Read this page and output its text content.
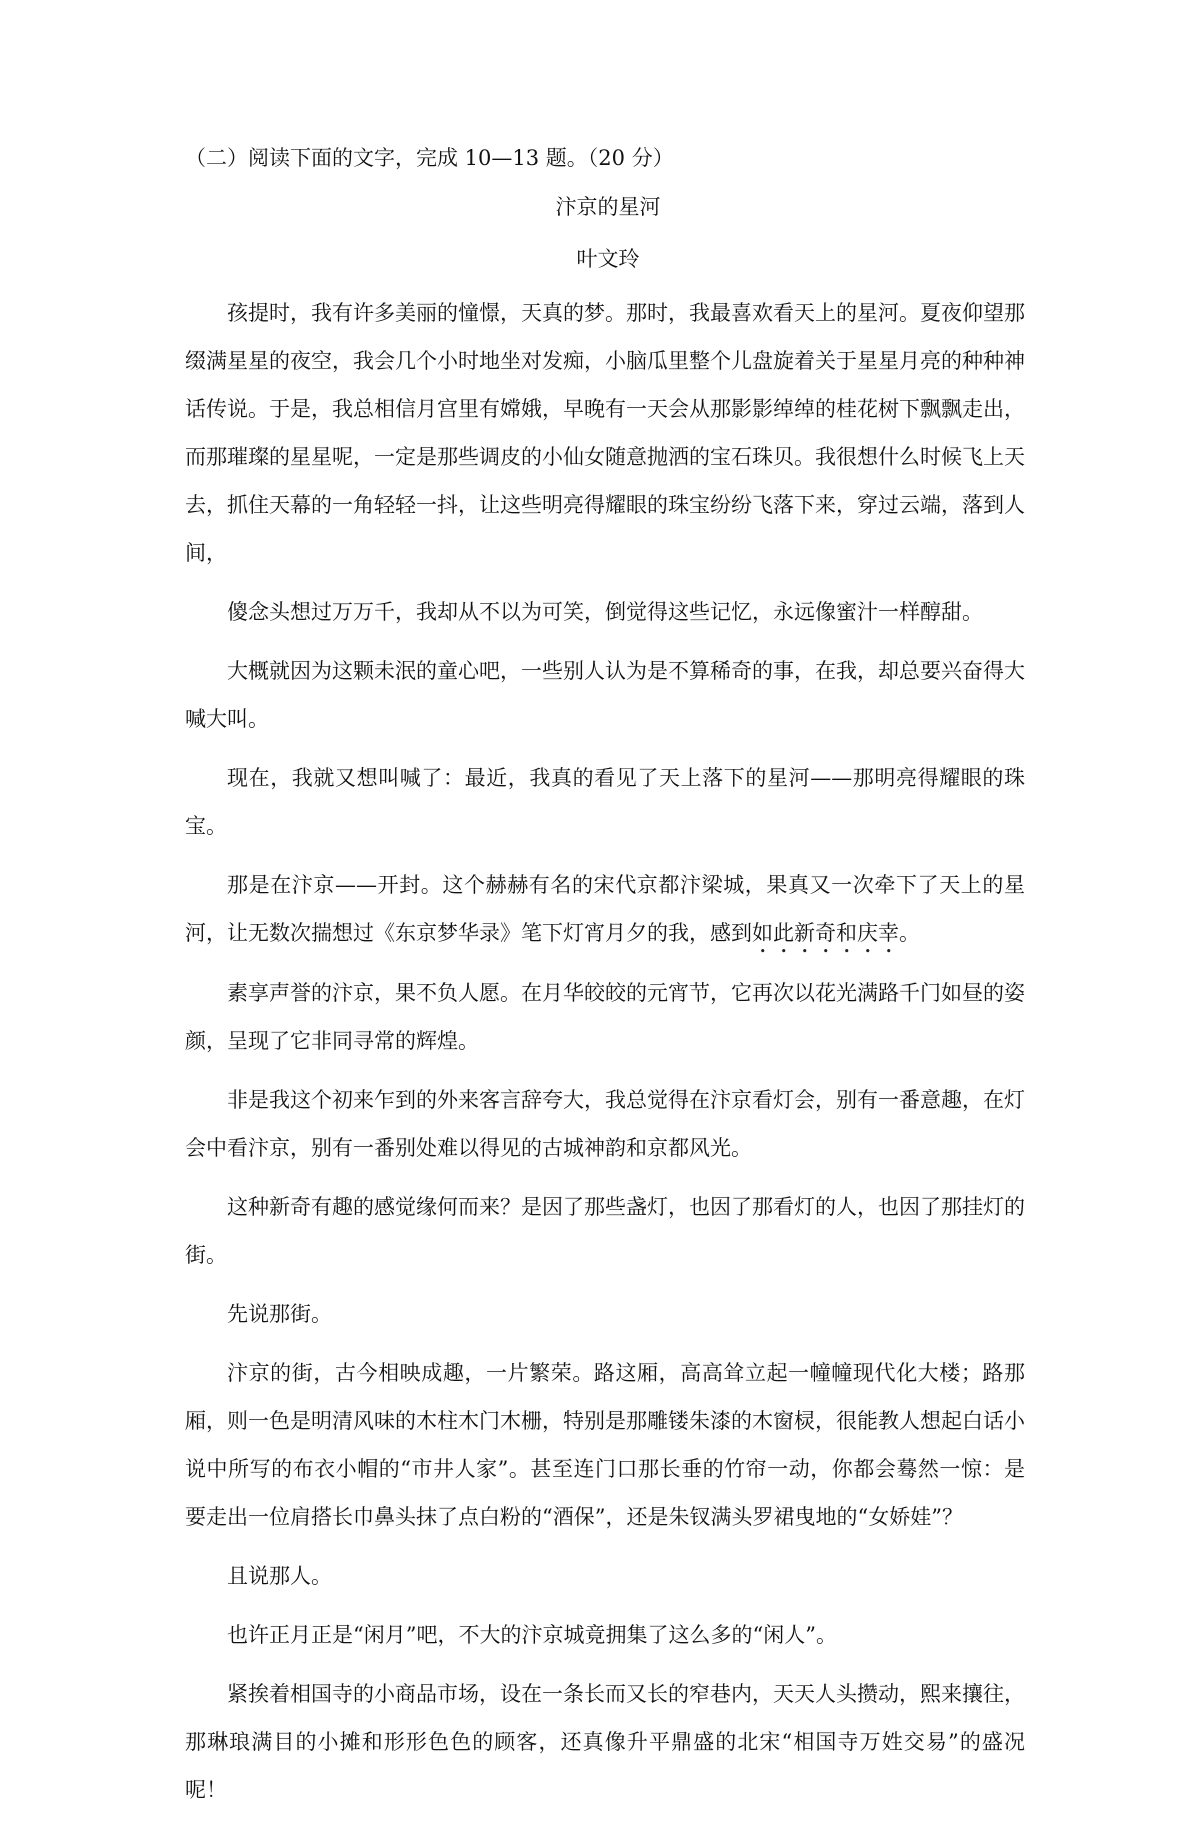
（二）阅读下面的文字，完成 10—13 题。（20 分）
汴京的星河
叶文玲

孩提时，我有许多美丽的憧憬，天真的梦。那时，我最喜欢看天上的星河。夏夜仰望那缀满星星的夜空，我会几个小时地坐对发痴，小脑瓜里整个儿盘旋着关于星星月亮的种种神话传说。于是，我总相信月宫里有嫦娥，早晚有一天会从那影影绰绰的桂花树下飘飘走出，而那璀璨的星星呢，一定是那些调皮的小仙女随意抛洒的宝石珠贝。我很想什么时候飞上天去，抓住天幕的一角轻轻一抖，让这些明亮得耀眼的珠宝纷纷飞落下来，穿过云端，落到人间，

傻念头想过万万千，我却从不以为可笑，倒觉得这些记忆，永远像蜜汁一样醇甜。

大概就因为这颗未泯的童心吧，一些别人认为是不算稀奇的事，在我，却总要兴奋得大喊大叫。

现在，我就又想叫喊了：最近，我真的看见了天上落下的星河——那明亮得耀眼的珠宝。

那是在汴京——开封。这个赫赫有名的宋代京都汴梁城，果真又一次牵下了天上的星河，让无数次揣想过《东京梦华录》笔下灯宵月夕的我，感到如此新奇和庆幸。

素享声誉的汴京，果不负人愿。在月华皎皎的元宵节，它再次以花光满路千门如昼的姿颜，呈现了它非同寻常的辉煌。

非是我这个初来乍到的外来客言辞夸大，我总觉得在汴京看灯会，别有一番意趣，在灯会中看汴京，别有一番别处难以得见的古城神韵和京都风光。

这种新奇有趣的感觉缘何而来？是因了那些盏灯，也因了那看灯的人，也因了那挂灯的街。

先说那街。

汴京的街，古今相映成趣，一片繁荣。路这厢，高高耸立起一幢幢现代化大楼；路那厢，则一色是明清风味的木柱木门木栅，特别是那雕镂朱漆的木窗棂，很能教人想起白话小说中所写的布衣小帽的“市井人家”。甚至连门口那长垂的竹帘一动，你都会蓦然一惊：是要走出一位肩搭长巾鼻头抹了点白粉的“酒保”，还是朱钗满头罗裙曳地的“女娇娃”？

且说那人。

也许正月正是“闲月”吧，不大的汴京城竟拥集了这么多的“闲人”。

紧挨着相国寺的小商品市场，设在一条长而又长的窄巷内，天天人头攒动，熙来攘往，那琳琅满目的小摊和形形色色的顾客，还真像升平鼎盛的北宋“相国寺万姓交易”的盛况呢！
